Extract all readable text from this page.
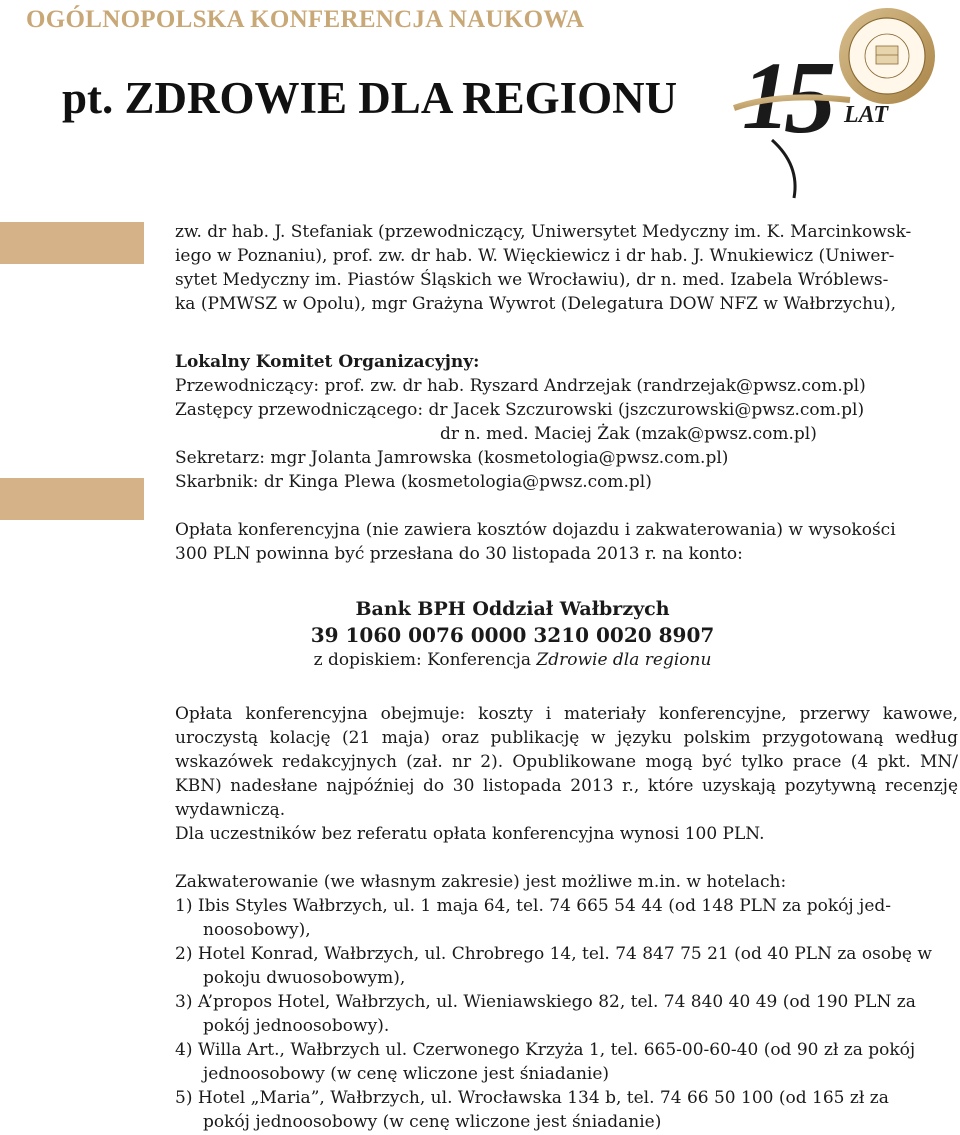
OGÓLNOPOLSKA KONFERENCJA NAUKOWA
pt. ZDROWIE DLA REGIONU 1
5 LAT

zw. dr hab. J. Stefaniak (przewodniczący, Uniwersytet Medyczny im. K. Marcinkowsk-

iego w Poznaniu), prof. zw. dr hab. W. Więckiewicz i dr hab. J. Wnukiewicz (Uniwer-

sytet Medyczny im. Piastów Śląskich we Wrocławiu), dr n. med. Izabela Wróblews-

ka (PMWSZ w Opolu), mgr Grażyna Wywrot (Delegatura DOW NFZ w Wałbrzychu),

Lokalny Komitet Organizacyjny:

Przewodniczący: prof. zw. dr hab. Ryszard Andrzejak (randrzejak@pwsz.com.pl)

Zastępcy przewodniczącego: dr Jacek Szczurowski (jszczurowski@pwsz.com.pl)

dr n. med. Maciej Żak (mzak@pwsz.com.pl)

Sekretarz: mgr Jolanta Jamrowska (kosmetologia@pwsz.com.pl)

Skarbnik: dr Kinga Plewa (kosmetologia@pwsz.com.pl)

Opłata konferencyjna (nie zawiera kosztów dojazdu i zakwaterowania) w wysokości

300 PLN powinna być przesłana do 30 listopada 2013 r. na konto:

Bank BPH Oddział Wałbrzych

39 1060 0076 0000 3210 0020 8907

z dopiskiem: Konferencja Zdrowie dla regionu

Opłata konferencyjna obejmuje: koszty i materiały konferencyjne, przerwy kawowe, uroczystą kolację (21 maja) oraz publikację w języku polskim przygotowaną według wskazówek redakcyjnych (zał. nr 2). Opublikowane mogą być tylko prace (4 pkt. MN/ KBN) nadesłane najpóźniej do 30 listopada 2013 r., które uzyskają pozytywną recenzję wydawniczą.

Dla uczestników bez referatu opłata konferencyjna wynosi 100 PLN.

Zakwaterowanie (we własnym zakresie) jest możliwe m.in. w hotelach:

1) Ibis Styles Wałbrzych, ul. 1 maja 64, tel. 74 665 54 44 (od 148 PLN za pokój jed- noosobowy),

2) Hotel Konrad, Wałbrzych, ul. Chrobrego 14, tel. 74 847 75 21 (od 40 PLN za osobę w pokoju dwuosobowym),

3) A’propos Hotel, Wałbrzych, ul. Wieniawskiego 82, tel. 74 840 40 49 (od 190 PLN za pokój jednoosobowy).

4) Willa Art., Wałbrzych ul. Czerwonego Krzyża 1, tel. 665-00-60-40 (od 90 zł za pokój jednoosobowy (w cenę wliczone jest śniadanie)

5) Hotel „Maria”, Wałbrzych, ul. Wrocławska 134 b, tel. 74 66 50 100 (od 165 zł za pokój jednoosobowy (w cenę wliczone jest śniadanie)
